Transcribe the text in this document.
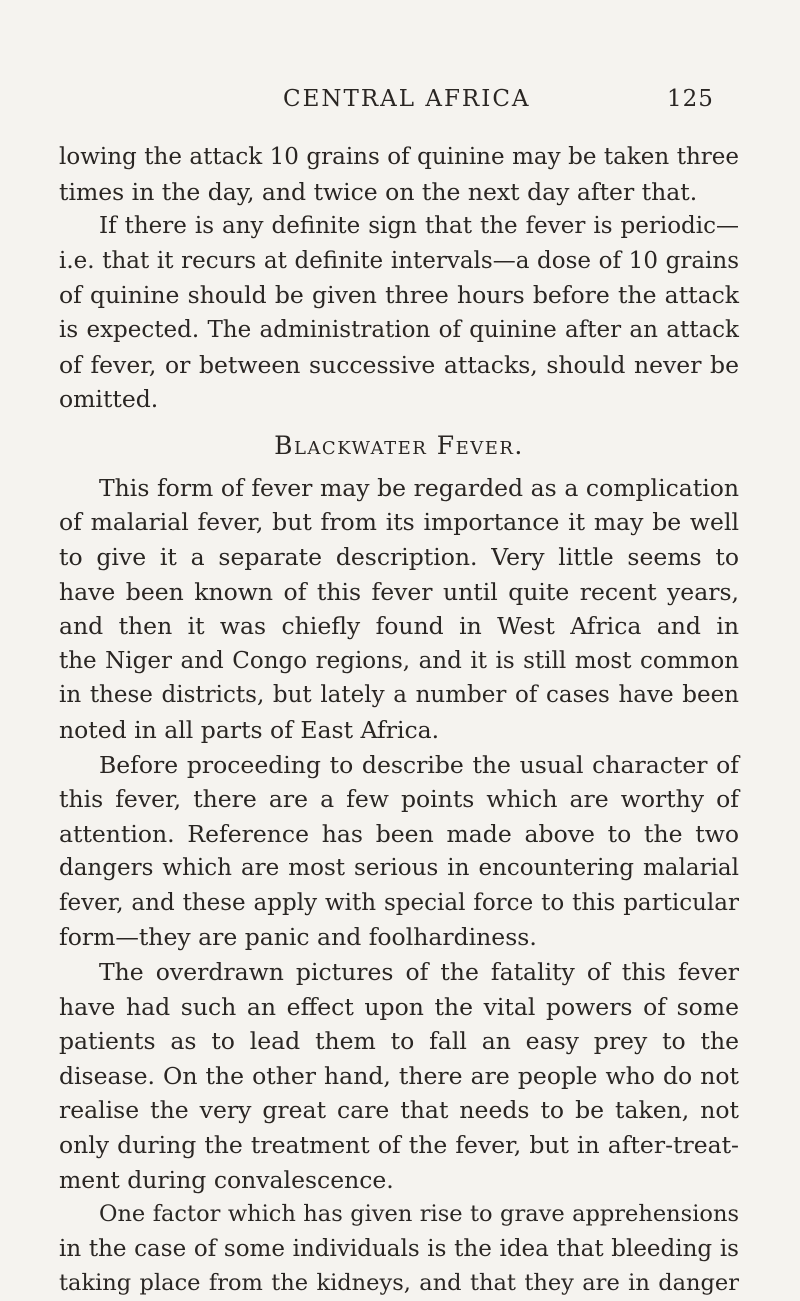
CENTRAL AFRICA	125
lowing the attack 10 grains of quinine may be taken three
times in the day, and twice on the next day after that.
If there is any definite sign that the fever is periodic—
i.e. that it recurs at definite intervals—a dose of 10 grains
of quinine should be given three hours before the attack
is expected. The administration of quinine after an attack
of fever, or between successive attacks, should never be
omitted.
Blackwater Fever.
This form of fever may be regarded as a complication
of malarial fever, but from its importance it may be well
to give it a separate description. Very little seems to
have been known of this fever until quite recent years,
and then it was chiefly found in West Africa and in
the Niger and Congo regions, and it is still most common
in these districts, but lately a number of cases have been
noted in all parts of East Africa.
Before proceeding to describe the usual character of
this fever, there are a few points which are worthy of
attention. Reference has been made above to the two
dangers which are most serious in encountering malarial
fever, and these apply with special force to this particular
form—they are panic and foolhardiness.
The overdrawn pictures of the fatality of this fever
have had such an effect upon the vital powers of some
patients as to lead them to fall an easy prey to the
disease. On the other hand, there are people who do not
realise the very great care that needs to be taken, not
only during the treatment of the fever, but in after-treat-
ment during convalescence.
One factor which has given rise to grave apprehensions
in the case of some individuals is the idea that bleeding is
taking place from the kidneys, and that they are in danger
